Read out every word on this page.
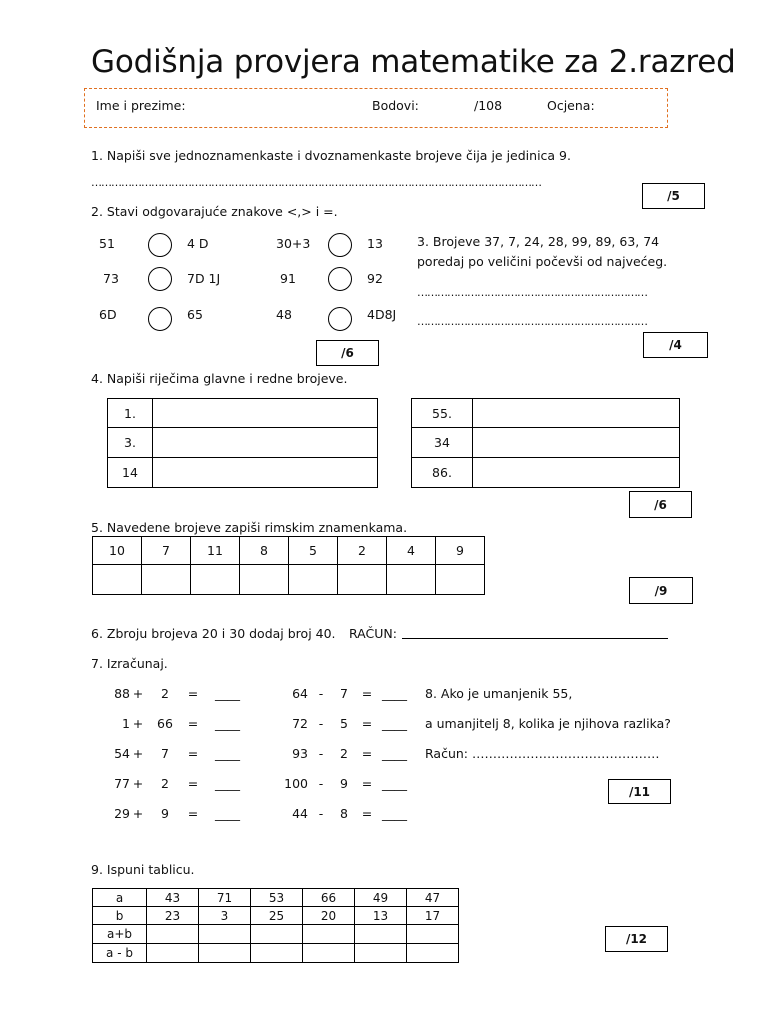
Godišnja provjera matematike za 2.razred
Ime i prezime:	Bodovi:	/108	Ocjena:
1. Napiši sve jednoznamenkaste i dvoznamenkaste brojeve čija je jedinica 9.
………………………………………………………………………………………………………………………
/5
2. Stavi odgovarajuće znakove <,> i =.
51	4 D	30+3	13
73	7D 1J	91	92
6D	65	48	4D8J
/6
3. Brojeve 37, 7, 24, 28, 99, 89, 63, 74
poredaj po veličini počevši od najvećeg.
……………………………………………………………
……………………………………………………………
/4
4. Napiši riječima glavne i redne brojeve.
1.	
3.	
14	
55.	
34	
86.	
/6
5. Navedene brojeve zapiši rimskim znamenkama.
10	7	11	8	5	2	4	9

/9
6. Zbroju brojeva 20 i 30 dodaj broj 40. RAČUN:
7. Izračunaj.
88 +	2	=	____	64 -	7	= ____
1 + 66	=	____	72 -	5	= ____
54 +	7	=	____	93 -	2	= ____
77 +	2	=	____	100 -	9	= ____
29 +	9	=	____	44 -	8	= ____
/11
8. Ako je umanjenik 55,
a umanjitelj 8, kolika je njihova razlika?
Račun: ………………………………………
9. Ispuni tablicu.
a	43	71	53	66	49	47
b	23	3	25	20	13	17
a+b						
a - b						
/12
